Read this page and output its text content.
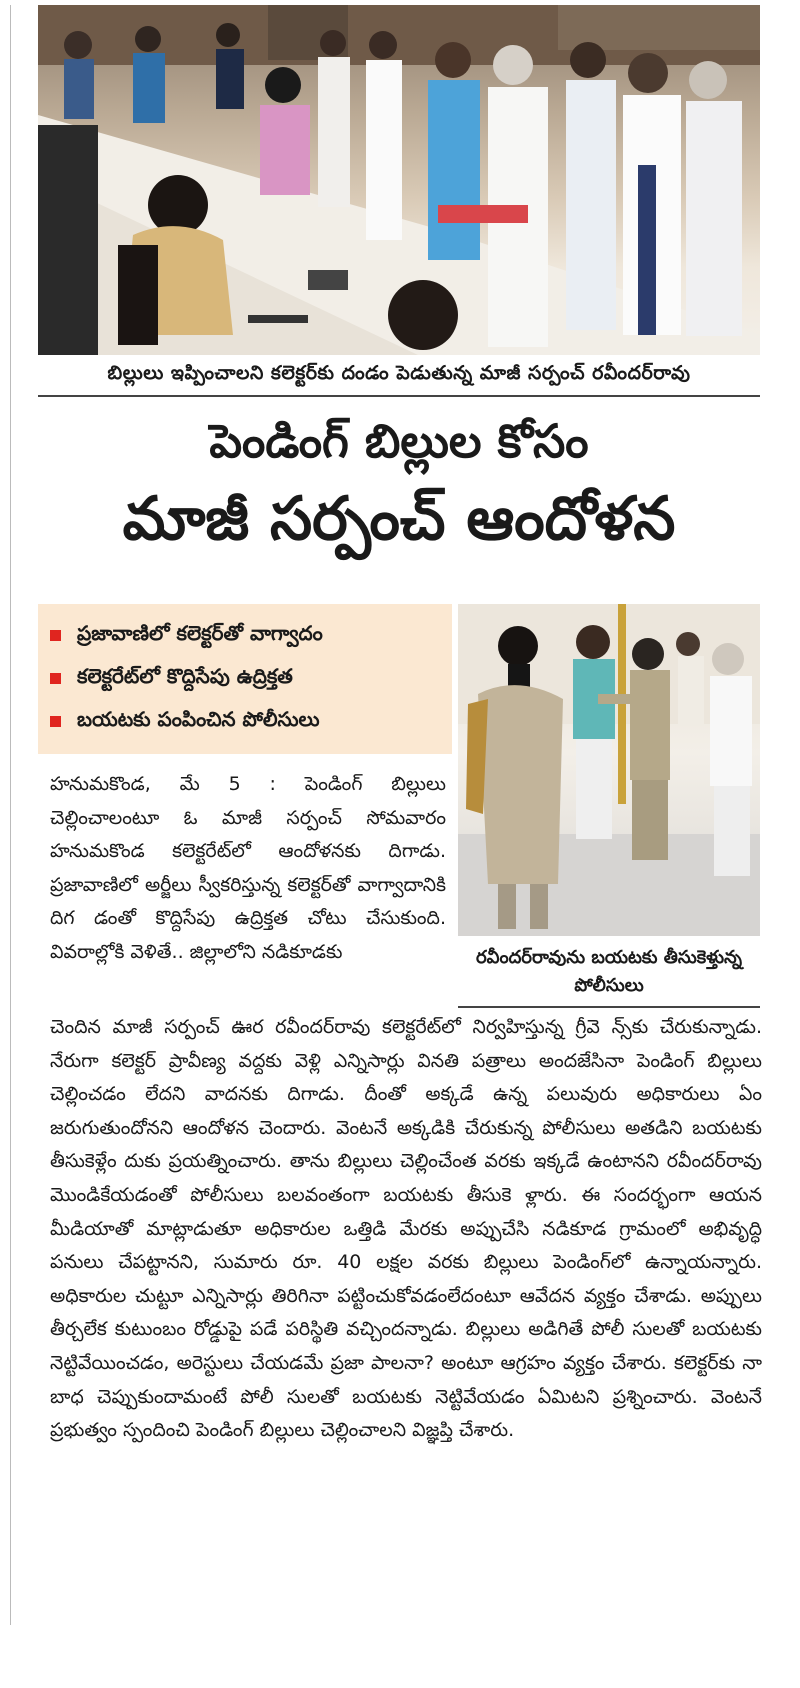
బిల్లులు ఇప్పించాలని కలెక్టర్‌కు దండం పెడుతున్న మాజీ సర్పంచ్ రవీందర్‌రావు
పెండింగ్ బిల్లుల కోసం
మాజీ సర్పంచ్ ఆందోళన
ప్రజావాణిలో కలెక్టర్‌తో వాగ్వాదం
కలెక్టరేట్‌లో కొద్దిసేపు ఉద్రిక్తత
బయటకు పంపించిన పోలీసులు
రవీందర్‌రావును బయటకు తీసుకెళ్తున్న పోలీసులు
హనుమకొండ, మే 5 : పెండింగ్ బిల్లులు చెల్లించాలంటూ ఓ మాజీ సర్పంచ్ సోమవారం హనుమకొండ కలెక్టరేట్‌లో ఆందోళనకు దిగాడు. ప్రజావాణిలో అర్జీలు స్వీకరిస్తున్న కలెక్టర్‌తో వాగ్వాదానికి దిగ డంతో కొద్దిసేపు ఉద్రిక్తత చోటు చేసుకుంది. వివరాల్లోకి వెళితే.. జిల్లాలోని నడికూడకు
చెందిన మాజీ సర్పంచ్ ఊర రవీందర్‌రావు కలెక్టరేట్‌లో నిర్వహిస్తున్న గ్రీవె న్స్‌కు చేరుకున్నాడు. నేరుగా కలెక్టర్ ప్రావీణ్య వద్దకు వెళ్లి ఎన్నిసార్లు వినతి పత్రాలు అందజేసినా పెండింగ్ బిల్లులు చెల్లించడం లేదని వాదనకు దిగాడు. దీంతో అక్కడే ఉన్న పలువురు అధికారులు ఏం జరుగుతుందోనని ఆందోళన చెందారు. వెంటనే అక్కడికి చేరుకున్న పోలీసులు అతడిని బయటకు తీసుకెళ్లేం దుకు ప్రయత్నించారు. తాను బిల్లులు చెల్లించేంత వరకు ఇక్కడే ఉంటానని రవీందర్‌రావు మొండికేయడంతో పోలీసులు బలవంతంగా బయటకు తీసుకె ళ్లారు. ఈ సందర్భంగా ఆయన మీడియాతో మాట్లాడుతూ అధికారుల ఒత్తిడి మేరకు అప్పుచేసి నడికూడ గ్రామంలో అభివృద్ధి పనులు చేపట్టానని, సుమారు రూ. 40 లక్షల వరకు బిల్లులు పెండింగ్‌లో ఉన్నాయన్నారు. అధికారుల చుట్టూ ఎన్నిసార్లు తిరిగినా పట్టించుకోవడంలేదంటూ ఆవేదన వ్యక్తం చేశాడు. అప్పులు తీర్చలేక కుటుంబం రోడ్డుపై పడే పరిస్థితి వచ్చిందన్నాడు. బిల్లులు అడిగితే పోలీ సులతో బయటకు నెట్టివేయించడం, అరెస్టులు చేయడమే ప్రజా పాలనా? అంటూ ఆగ్రహం వ్యక్తం చేశారు. కలెక్టర్‌కు నా బాధ చెప్పుకుందామంటే పోలీ సులతో బయటకు నెట్టివేయడం ఏమిటని ప్రశ్నించారు. వెంటనే ప్రభుత్వం స్పందించి పెండింగ్ బిల్లులు చెల్లించాలని విజ్ఞప్తి చేశారు.
